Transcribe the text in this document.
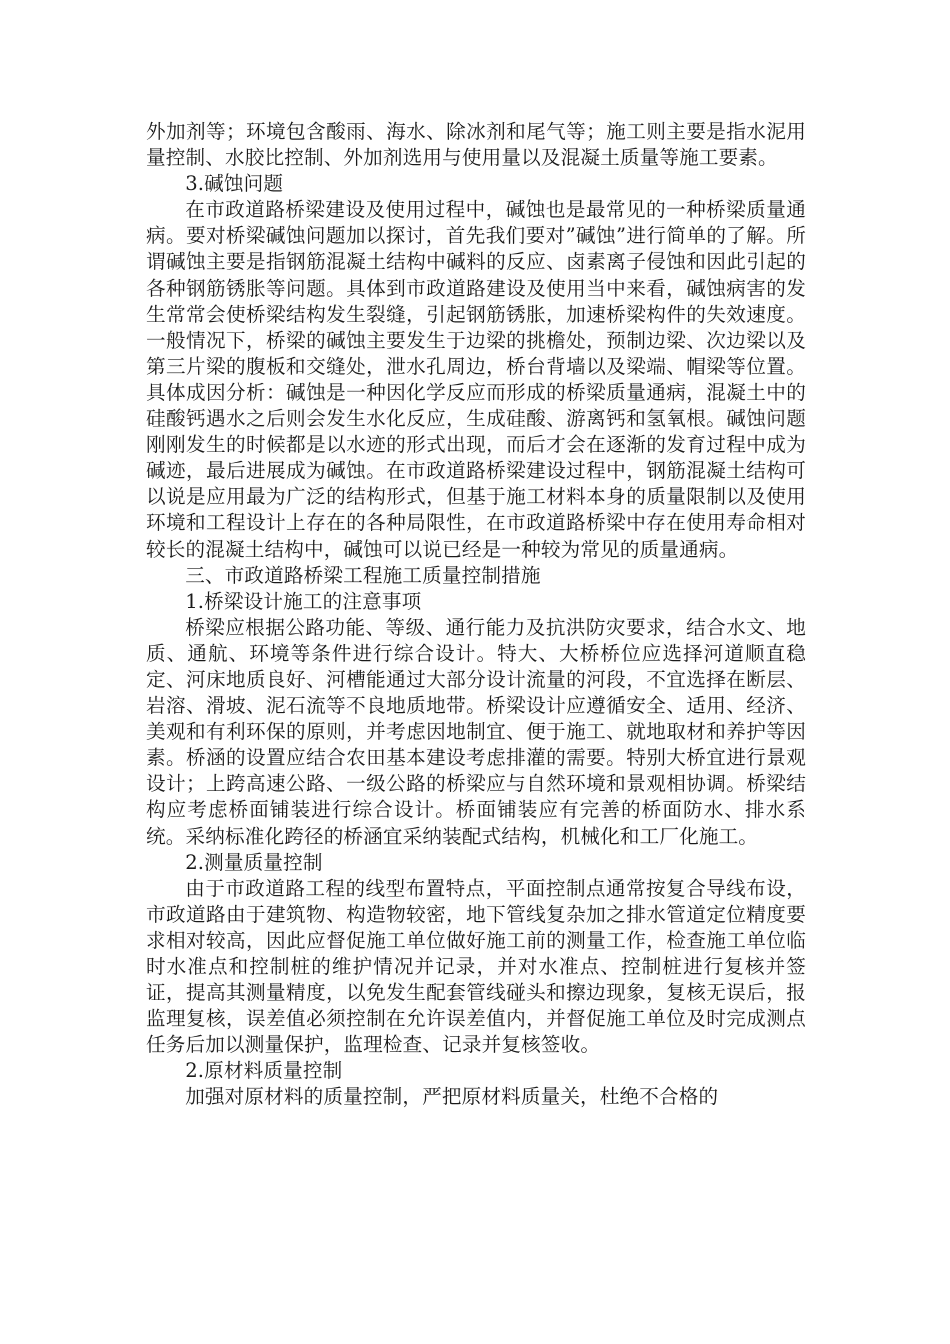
外加剂等；环境包含酸雨、海水、除冰剂和尾气等；施工则主要是指水泥用量控制、水胶比控制、外加剂选用与使用量以及混凝土质量等施工要素。

3.碱蚀问题

在市政道路桥梁建设及使用过程中，碱蚀也是最常见的一种桥梁质量通病。要对桥梁碱蚀问题加以探讨，首先我们要对”碱蚀”进行简单的了解。所谓碱蚀主要是指钢筋混凝土结构中碱料的反应、卤素离子侵蚀和因此引起的各种钢筋锈胀等问题。具体到市政道路建设及使用当中来看，碱蚀病害的发生常常会使桥梁结构发生裂缝，引起钢筋锈胀，加速桥梁构件的失效速度。一般情况下，桥梁的碱蚀主要发生于边梁的挑檐处，预制边梁、次边梁以及第三片梁的腹板和交缝处，泄水孔周边，桥台背墙以及梁端、帽梁等位置。具体成因分析：碱蚀是一种因化学反应而形成的桥梁质量通病，混凝土中的硅酸钙遇水之后则会发生水化反应，生成硅酸、游离钙和氢氧根。碱蚀问题刚刚发生的时候都是以水迹的形式出现，而后才会在逐渐的发育过程中成为碱迹，最后进展成为碱蚀。在市政道路桥梁建设过程中，钢筋混凝土结构可以说是应用最为广泛的结构形式，但基于施工材料本身的质量限制以及使用环境和工程设计上存在的各种局限性，在市政道路桥梁中存在使用寿命相对较长的混凝土结构中，碱蚀可以说已经是一种较为常见的质量通病。

三、市政道路桥梁工程施工质量控制措施

1.桥梁设计施工的注意事项

桥梁应根据公路功能、等级、通行能力及抗洪防灾要求，结合水文、地质、通航、环境等条件进行综合设计。特大、大桥桥位应选择河道顺直稳定、河床地质良好、河槽能通过大部分设计流量的河段，不宜选择在断层、岩溶、滑坡、泥石流等不良地质地带。桥梁设计应遵循安全、适用、经济、美观和有利环保的原则，并考虑因地制宜、便于施工、就地取材和养护等因素。桥涵的设置应结合农田基本建设考虑排灌的需要。特别大桥宜进行景观设计；上跨高速公路、一级公路的桥梁应与自然环境和景观相协调。桥梁结构应考虑桥面铺装进行综合设计。桥面铺装应有完善的桥面防水、排水系统。采纳标准化跨径的桥涵宜采纳装配式结构，机械化和工厂化施工。

2.测量质量控制

由于市政道路工程的线型布置特点，平面控制点通常按复合导线布设，市政道路由于建筑物、构造物较密，地下管线复杂加之排水管道定位精度要求相对较高，因此应督促施工单位做好施工前的测量工作，检查施工单位临时水准点和控制桩的维护情况并记录，并对水准点、控制桩进行复核并签证，提高其测量精度，以免发生配套管线碰头和擦边现象，复核无误后，报监理复核，误差值必须控制在允许误差值内，并督促施工单位及时完成测点任务后加以测量保护，监理检查、记录并复核签收。

2.原材料质量控制

加强对原材料的质量控制，严把原材料质量关，杜绝不合格的
